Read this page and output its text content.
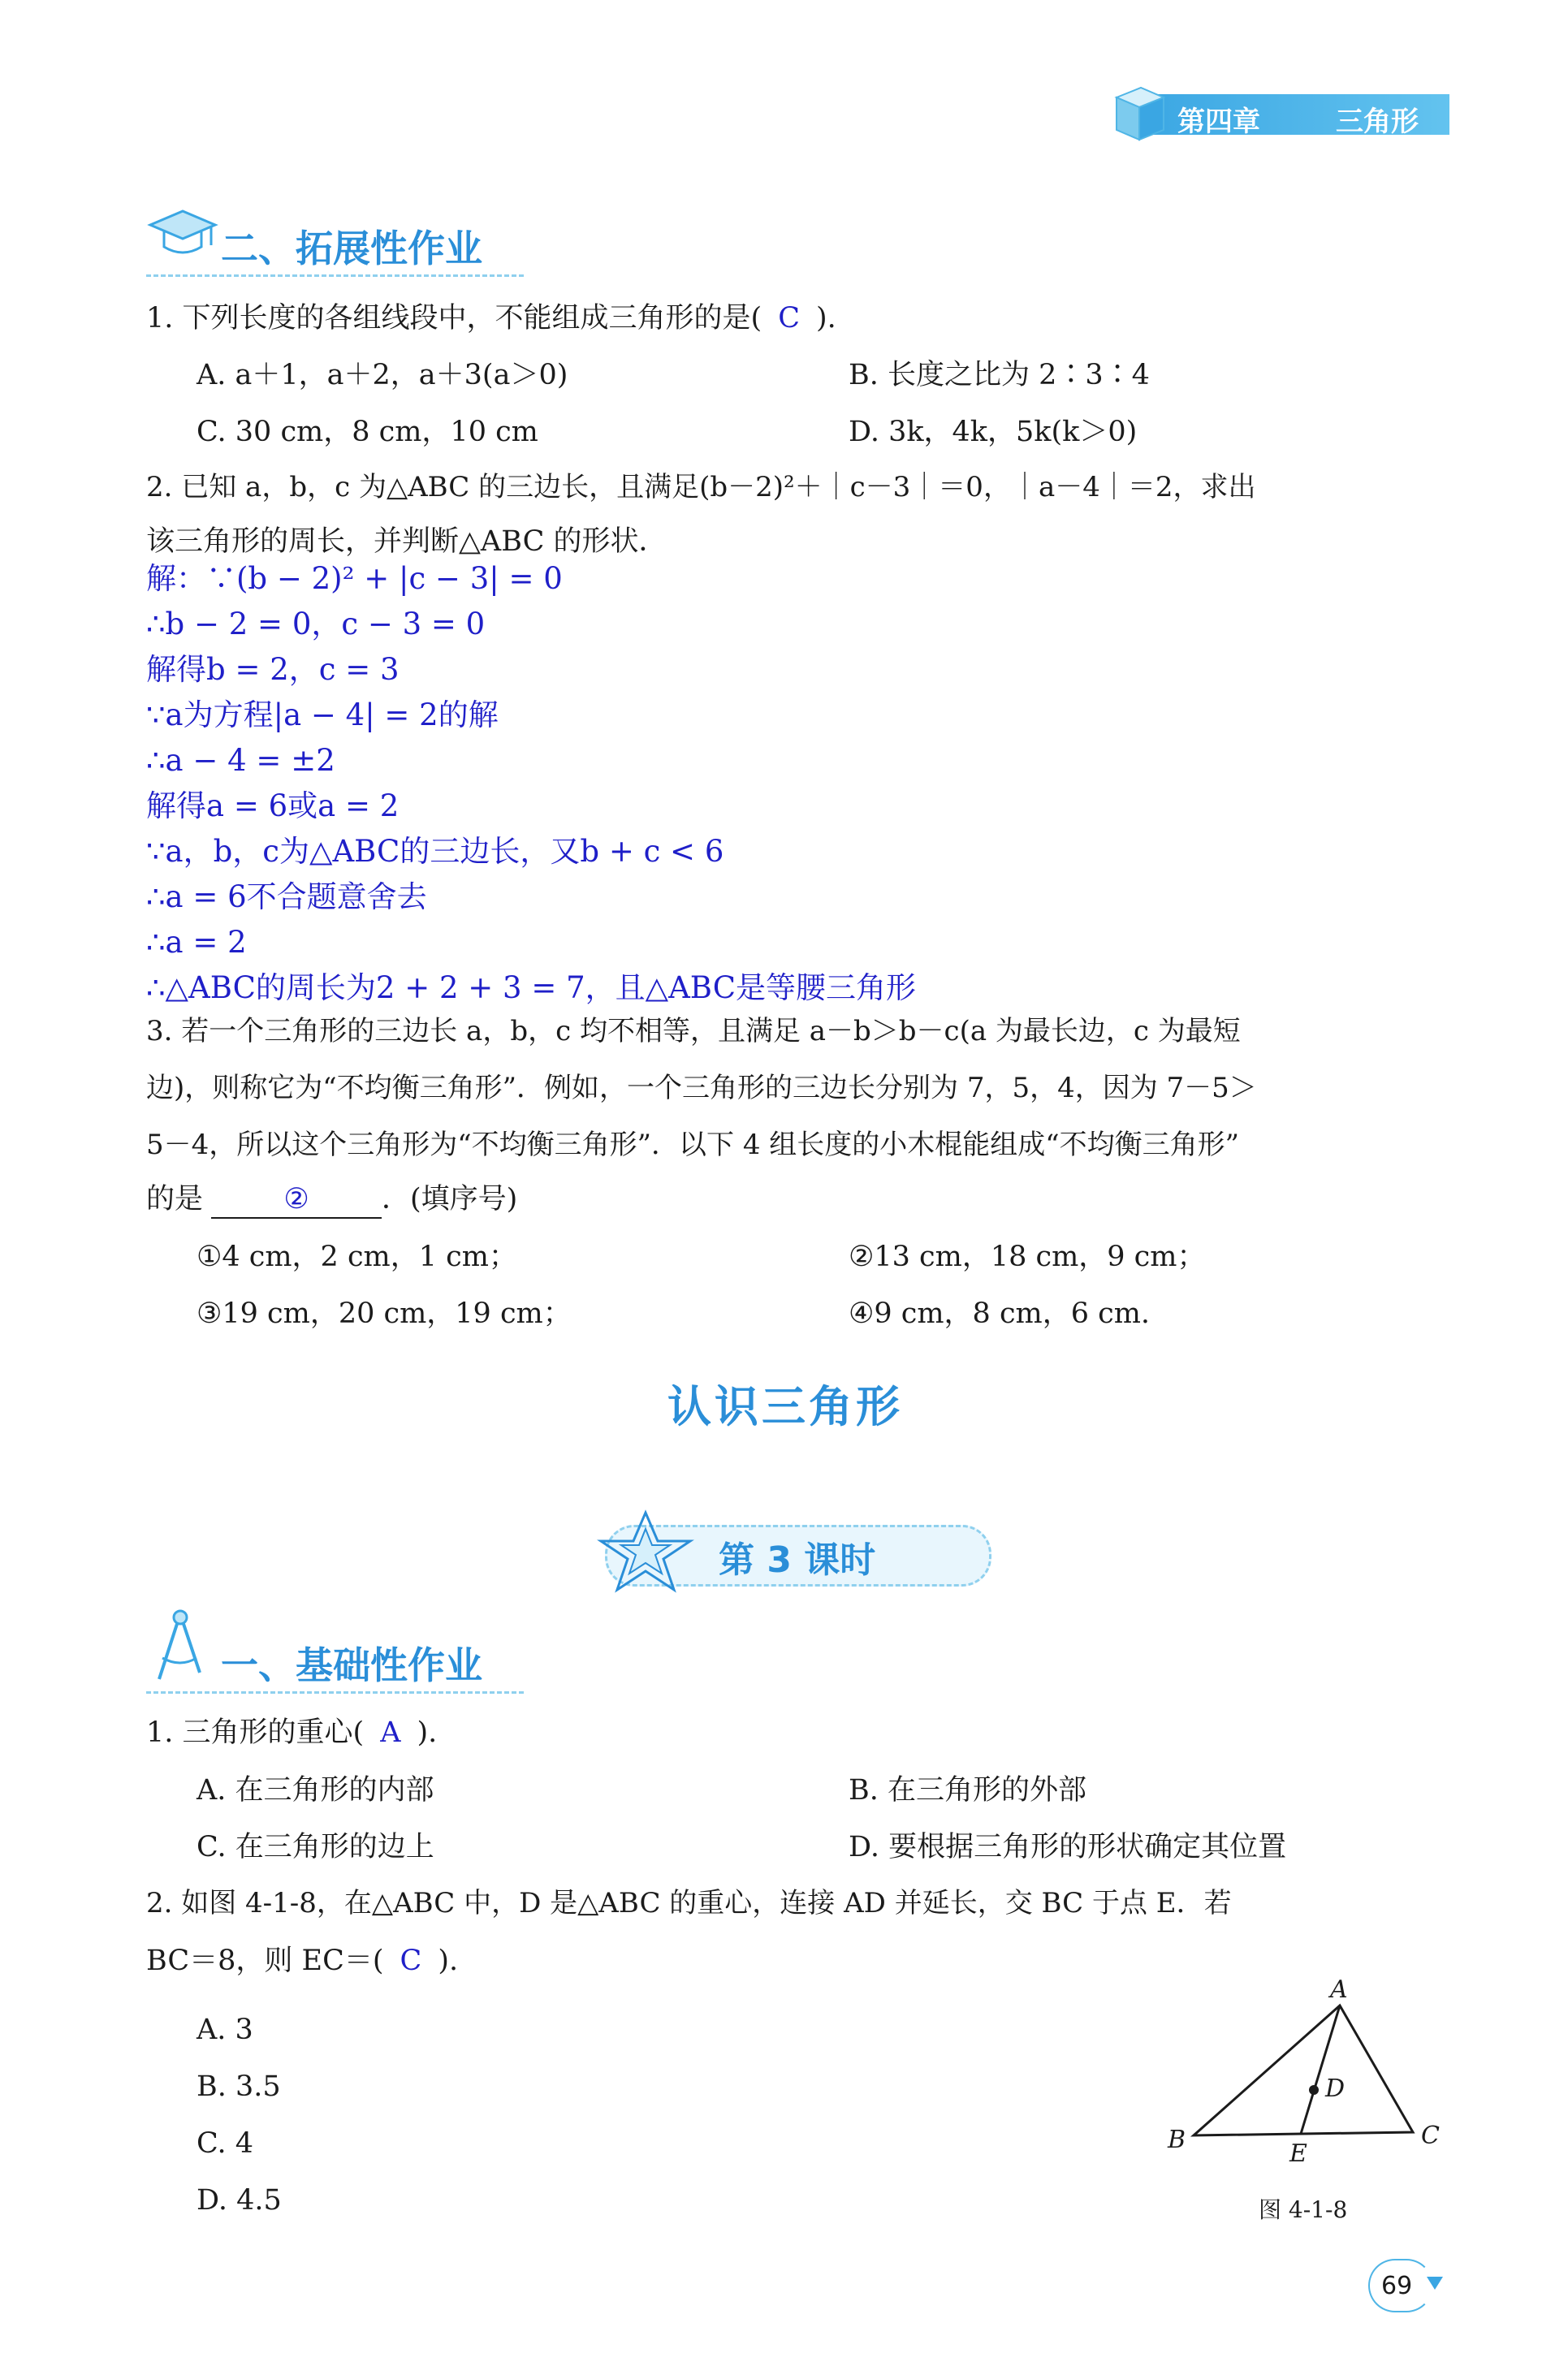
第四章	三角形
二、拓展性作业
1. 下列长度的各组线段中，不能组成三角形的是( C ).
A. a＋1，a＋2，a＋3(a＞0)	B. 长度之比为 2∶3∶4
C. 30 cm，8 cm，10 cm	D. 3k，4k，5k(k＞0)
2. 已知 a，b，c 为△ABC 的三边长，且满足(b－2)²＋｜c－3｜＝0，｜a－4｜＝2，求出
该三角形的周长，并判断△ABC 的形状．
解：∵(b − 2)² + |c − 3| = 0
∴b − 2 = 0，c − 3 = 0
解得b = 2，c = 3
∵a为方程|a − 4| = 2的解
∴a − 4 = ±2
解得a = 6或a = 2
∵a，b，c为△ABC的三边长，又b + c < 6
∴a = 6不合题意舍去
∴a = 2
∴△ABC的周长为2 + 2 + 3 = 7，且△ABC是等腰三角形
3. 若一个三角形的三边长 a，b，c 均不相等，且满足 a－b＞b－c(a 为最长边，c 为最短
边)，则称它为“不均衡三角形”．例如，一个三角形的三边长分别为 7，5，4，因为 7－5＞
5－4，所以这个三角形为“不均衡三角形”．以下 4 组长度的小木棍能组成“不均衡三角形”
的是	②	．(填序号)
①4 cm，2 cm，1 cm；	②13 cm，18 cm，9 cm；
③19 cm，20 cm，19 cm；	④9 cm，8 cm，6 cm.
认识三角形
第 3 课时
一、基础性作业
1. 三角形的重心( A ).
A. 在三角形的内部	B. 在三角形的外部
C. 在三角形的边上	D. 要根据三角形的形状确定其位置
2. 如图 4-1-8，在△ABC 中，D 是△ABC 的重心，连接 AD 并延长，交 BC 于点 E．若
BC＝8，则 EC＝( C ).
A. 3
B. 3.5
C. 4
D. 4.5
A
B	C
D
E
图 4-1-8
69
